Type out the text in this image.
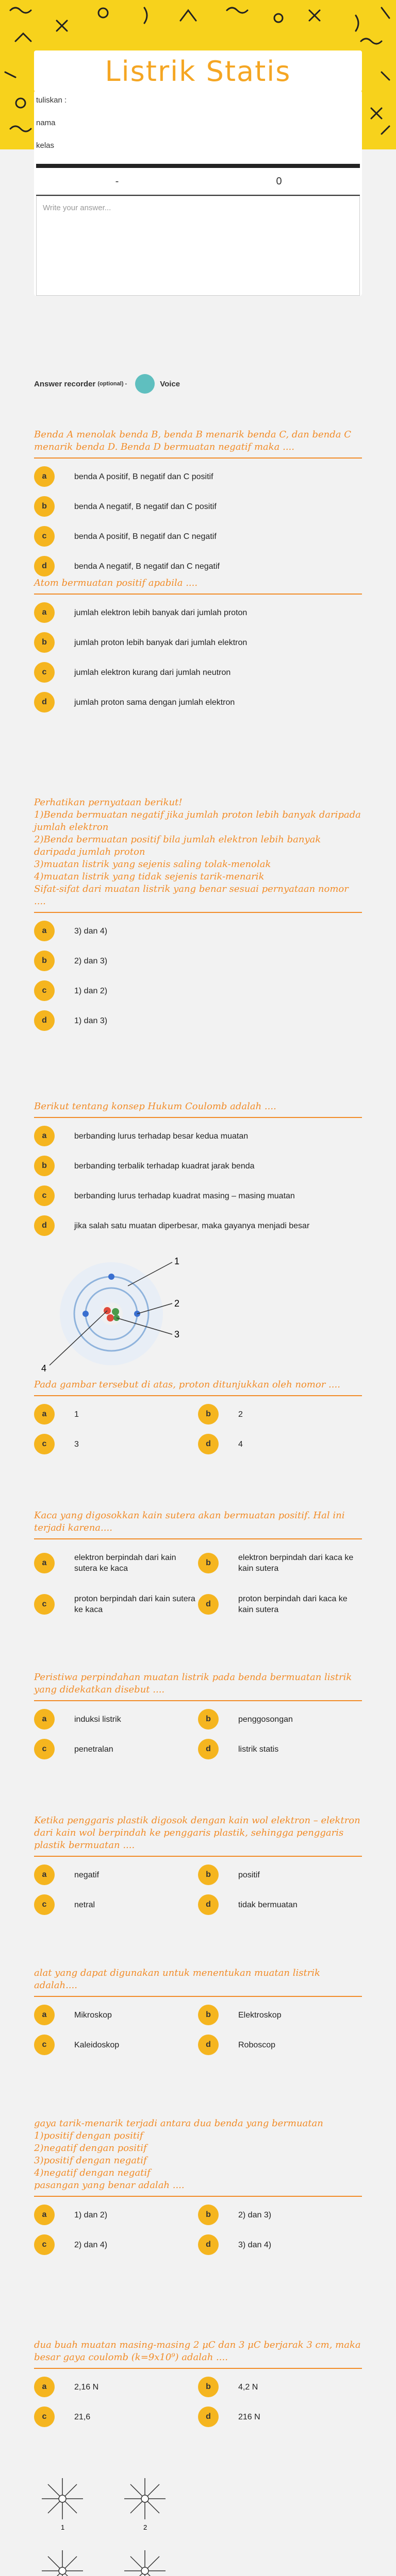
Listrik Statis
tuliskan :
nama
kelas
-	0
Write your answer...
Answer recorder
(optional) -	Voice
Benda A menolak benda B, benda B menarik benda C, dan benda C menarik benda D. Benda D bermuatan negatif maka ....
a	benda A positif, B negatif dan C positif
b	benda A negatif, B negatif dan C positif
c	benda A positif, B negatif dan C negatif
d	benda A negatif, B negatif dan C negatif
Atom bermuatan positif apabila ....
a	jumlah elektron lebih banyak dari jumlah proton
b	jumlah proton lebih banyak dari jumlah elektron
c	jumlah elektron kurang dari jumlah neutron
d	jumlah proton sama dengan jumlah elektron
Perhatikan pernyataan berikut!
1)Benda bermuatan negatif jika jumlah proton lebih banyak daripada jumlah elektron
2)Benda bermuatan positif bila jumlah elektron lebih banyak daripada jumlah proton
3)muatan listrik yang sejenis saling tolak-menolak
4)muatan listrik yang tidak sejenis tarik-menarik
Sifat-sifat dari muatan listrik yang benar sesuai pernyataan nomor ....
a	3) dan 4)
b	2) dan 3)
c	1) dan 2)
d	1) dan 3)
Berikut tentang konsep Hukum Coulomb adalah ....
a	berbanding lurus terhadap besar kedua muatan
b	berbanding terbalik terhadap kuadrat jarak benda
c	berbanding lurus terhadap kuadrat masing – masing muatan
d	jika salah satu muatan diperbesar, maka gayanya menjadi besar
1
2
3
4
Pada gambar tersebut di atas, proton ditunjukkan oleh nomor ....
a	1	b	2
c	3	d	4
Kaca yang digosokkan kain sutera akan bermuatan positif. Hal ini terjadi karena....
a
elektron berpindah dari kain sutera ke kaca
b
elektron berpindah dari kaca ke kain sutera
c
proton berpindah dari kain sutera ke kaca
d
proton berpindah dari kaca ke kain sutera
Peristiwa perpindahan muatan listrik pada benda bermuatan listrik yang didekatkan disebut ....
a	induksi listrik	b	penggosongan
c	penetralan	d	listrik statis
Ketika penggaris plastik digosok dengan kain wol elektron – elektron dari kain wol berpindah ke penggaris plastik, sehingga penggaris plastik bermuatan ....
a	negatif	b	positif
c	netral	d	tidak bermuatan
alat yang dapat digunakan untuk menentukan muatan listrik adalah....
a	Mikroskop	b	Elektroskop
c	Kaleidoskop	d	Roboscop
gaya tarik-menarik terjadi antara dua benda yang bermuatan
1)positif dengan positif
2)negatif dengan positif
3)positif dengan negatif
4)negatif dengan negatif
pasangan yang benar adalah ....
a	1) dan 2)	b	2) dan 3)
c	2) dan 4)	d	3) dan 4)
dua buah muatan masing-masing 2 μC dan 3 μC berjarak 3 cm, maka besar gaya coulomb (k=9x10⁹) adalah ....
a	2,16 N	b	4,2 N
c	21,6	d	216 N
1	2
